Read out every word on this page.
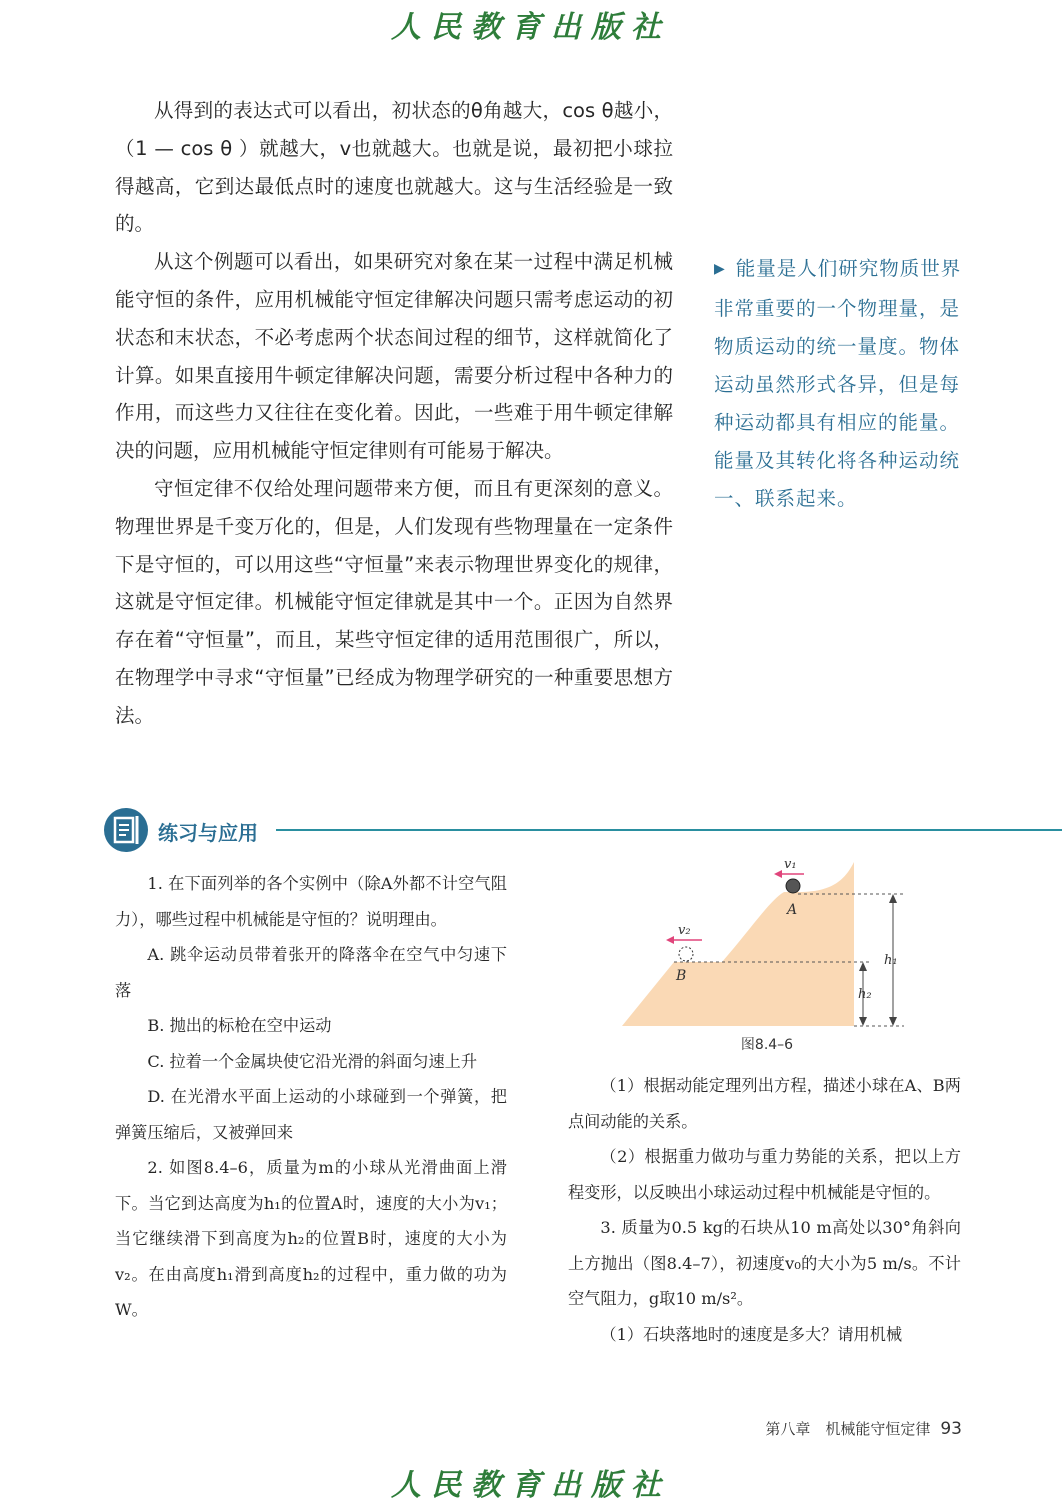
人民教育出版社

从得到的表达式可以看出，初状态的θ角越大，cos θ越小，（1 — cos θ ）就越大，v也就越大。也就是说，最初把小球拉得越高，它到达最低点时的速度也就越大。这与生活经验是一致的。

从这个例题可以看出，如果研究对象在某一过程中满足机械能守恒的条件，应用机械能守恒定律解决问题只需考虑运动的初状态和末状态，不必考虑两个状态间过程的细节，这样就简化了计算。如果直接用牛顿定律解决问题，需要分析过程中各种力的作用，而这些力又往往在变化着。因此，一些难于用牛顿定律解决的问题，应用机械能守恒定律则有可能易于解决。

守恒定律不仅给处理问题带来方便，而且有更深刻的意义。物理世界是千变万化的，但是，人们发现有些物理量在一定条件下是守恒的，可以用这些“守恒量”来表示物理世界变化的规律，这就是守恒定律。机械能守恒定律就是其中一个。正因为自然界存在着“守恒量”，而且，某些守恒定律的适用范围很广，所以，在物理学中寻求“守恒量”已经成为物理学研究的一种重要思想方法。

▶ 能量是人们研究物质世界非常重要的一个物理量，是物质运动的统一量度。物体运动虽然形式各异，但是每种运动都具有相应的能量。能量及其转化将各种运动统一、联系起来。
练习与应用

1. 在下面列举的各个实例中（除A外都不计空气阻力），哪些过程中机械能是守恒的？说明理由。

A. 跳伞运动员带着张开的降落伞在空气中匀速下落

B. 抛出的标枪在空中运动

C. 拉着一个金属块使它沿光滑的斜面匀速上升

D. 在光滑水平面上运动的小球碰到一个弹簧，把弹簧压缩后，又被弹回来

2. 如图8.4–6，质量为m的小球从光滑曲面上滑下。当它到达高度为h₁的位置A时，速度的大小为v₁；当它继续滑下到高度为h₂的位置B时，速度的大小为v₂。在由高度h₁滑到高度h₂的过程中，重力做的功为W。

v₁
v₂
A
B
h₁
h₂
图8.4–6

（1）根据动能定理列出方程，描述小球在A、B两点间动能的关系。

（2）根据重力做功与重力势能的关系，把以上方程变形，以反映出小球运动过程中机械能是守恒的。

3. 质量为0.5 kg的石块从10 m高处以30°角斜向上方抛出（图8.4–7），初速度v₀的大小为5 m/s。不计空气阻力，g取10 m/s²。

（1）石块落地时的速度是多大？请用机械

第八章　机械能守恒定律 93
人民教育出版社
